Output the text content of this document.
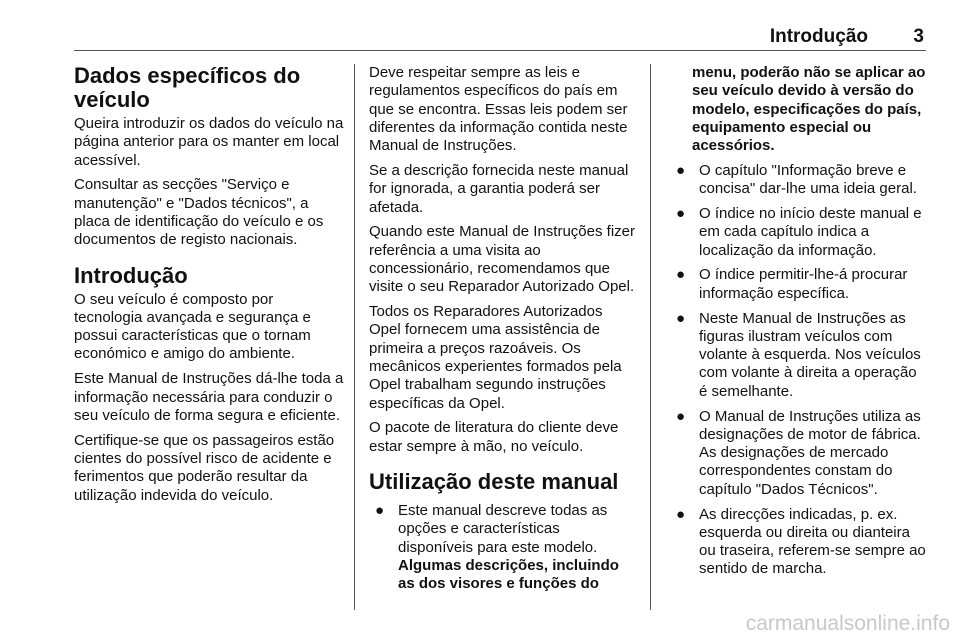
Introdução 3
Dados específicos do veículo

Queira introduzir os dados do veículo na página anterior para os manter em local acessível.

Consultar as secções "Serviço e manutenção" e "Dados técnicos", a placa de identificação do veículo e os documentos de registo nacionais.

Introdução

O seu veículo é composto por tecnologia avançada e segurança e possui características que o tornam económico e amigo do ambiente.

Este Manual de Instruções dá-lhe toda a informação necessária para conduzir o seu veículo de forma segura e eficiente.

Certifique-se que os passageiros estão cientes do possível risco de acidente e ferimentos que poderão resultar da utilização indevida do veículo.

Deve respeitar sempre as leis e regulamentos específicos do país em que se encontra. Essas leis podem ser diferentes da informação contida neste Manual de Instruções.

Se a descrição fornecida neste manual for ignorada, a garantia poderá ser afetada.

Quando este Manual de Instruções fizer referência a uma visita ao concessionário, recomendamos que visite o seu Reparador Autorizado Opel.

Todos os Reparadores Autorizados Opel fornecem uma assistência de primeira a preços razoáveis. Os mecânicos experientes formados pela Opel trabalham segundo instruções específicas da Opel.

O pacote de literatura do cliente deve estar sempre à mão, no veículo.

Utilização deste manual
● Este manual descreve todas as opções e características disponíveis para este modelo. Algumas descrições, incluindo as dos visores e funções do
menu, poderão não se aplicar ao seu veículo devido à versão do modelo, especificações do país, equipamento especial ou acessórios.
● O capítulo "Informação breve e concisa" dar-lhe uma ideia geral.
● O índice no início deste manual e em cada capítulo indica a localização da informação.
● O índice permitir-lhe-á procurar informação específica.
● Neste Manual de Instruções as figuras ilustram veículos com volante à esquerda. Nos veículos com volante à direita a operação é semelhante.
● O Manual de Instruções utiliza as designações de motor de fábrica. As designações de mercado correspondentes constam do capítulo "Dados Técnicos".
● As direcções indicadas, p. ex. esquerda ou direita ou dianteira ou traseira, referem-se sempre ao sentido de marcha.
carmanualsonline.info
